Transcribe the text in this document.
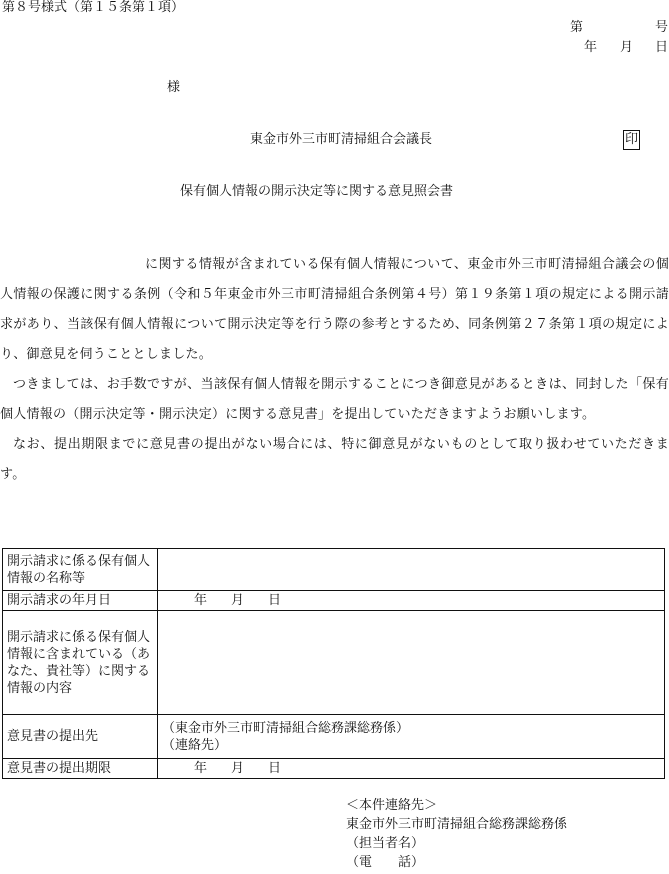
第８号様式（第１５条第１項）
第	号
年 月 日
様
東金市外三市町清掃組合会議長	印
保有個人情報の開示決定等に関する意見照会書

に関する情報が含まれている保有個人情報について、東金市外三市町清掃組合議会の個人情報の保護に関する条例（令和５年東金市外三市町清掃組合条例第４号）第１９条第１項の規定による開示請求があり、当該保有個人情報について開示決定等を行う際の参考とするため、同条例第２７条第１項の規定により、御意見を伺うこととしました。

つきましては、お手数ですが、当該保有個人情報を開示することにつき御意見があるときは、同封した「保有個人情報の（開示決定等・開示決定）に関する意見書」を提出していただきますようお願いします。

なお、提出期限までに意見書の提出がない場合には、特に御意見がないものとして取り扱わせていただきます。

開示請求に係る保有個人情報の名称等	
開示請求の年月日	年 月 日
開示請求に係る保有個人情報に含まれている（あなた、貴社等）に関する情報の内容	
意見書の提出先	（東金市外三市町清掃組合総務課総務係）
（連絡先）

意見書の提出期限	年 月 日
＜本件連絡先＞
東金市外三市町清掃組合総務課総務係
（担当者名）
（電　　話）
